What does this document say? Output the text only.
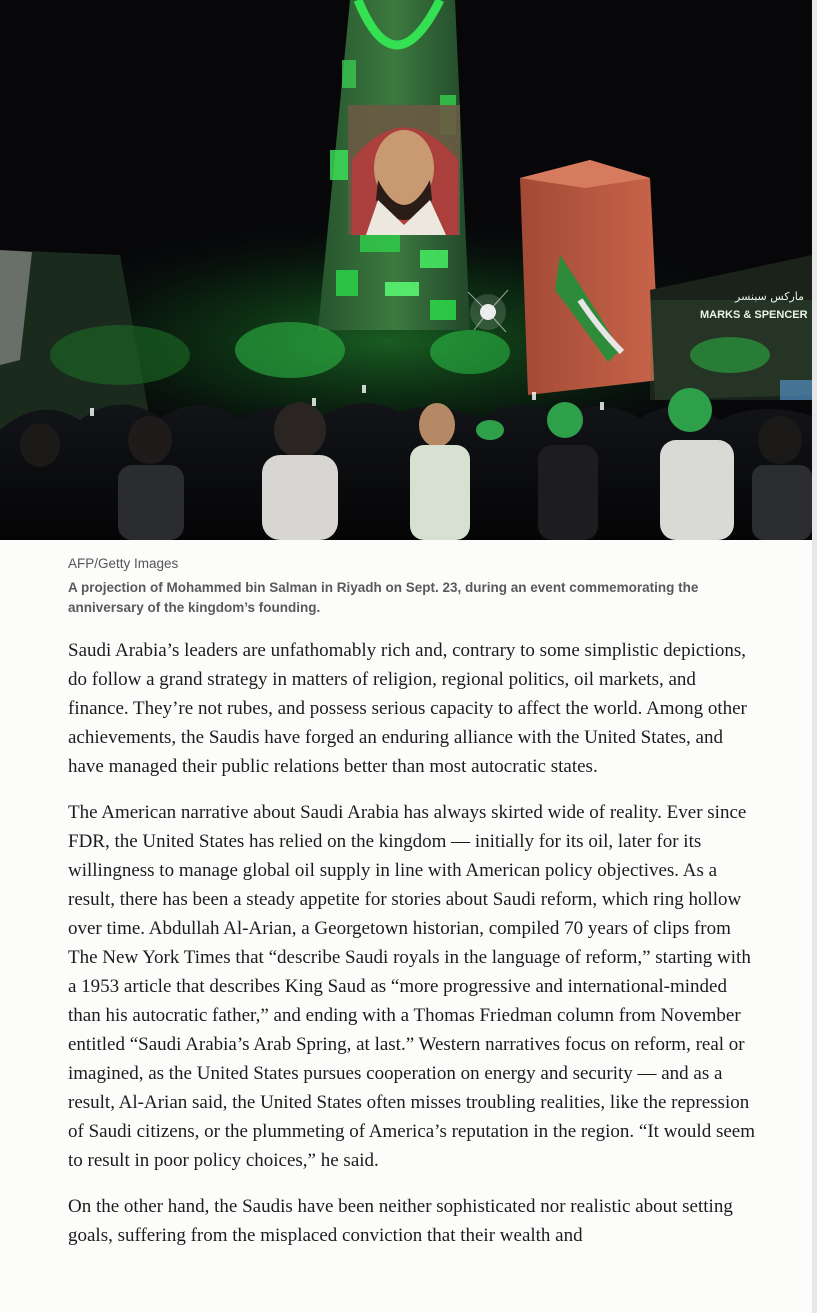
MARKS & SPENCER
ماركس سبنسر

AFP/Getty Images

A projection of Mohammed bin Salman in Riyadh on Sept. 23, during an event commemorating the anniversary of the kingdom’s founding.

Saudi Arabia’s leaders are unfathomably rich and, contrary to some simplistic depictions, do follow a grand strategy in matters of religion, regional politics, oil markets, and finance. They’re not rubes, and possess serious capacity to affect the world. Among other achievements, the Saudis have forged an enduring alliance with the United States, and have managed their public relations better than most autocratic states.

The American narrative about Saudi Arabia has always skirted wide of reality. Ever since FDR, the United States has relied on the kingdom — initially for its oil, later for its willingness to manage global oil supply in line with American policy objectives. As a result, there has been a steady appetite for stories about Saudi reform, which ring hollow over time. Abdullah Al-Arian, a Georgetown historian, compiled 70 years of clips from The New York Times that “describe Saudi royals in the language of reform,” starting with a 1953 article that describes King Saud as “more progressive and international-minded than his autocratic father,” and ending with a Thomas Friedman column from November entitled “Saudi Arabia’s Arab Spring, at last.” Western narratives focus on reform, real or imagined, as the United States pursues cooperation on energy and security — and as a result, Al-Arian said, the United States often misses troubling realities, like the repression of Saudi citizens, or the plummeting of America’s reputation in the region. “It would seem to result in poor policy choices,” he said.

On the other hand, the Saudis have been neither sophisticated nor realistic about setting goals, suffering from the misplaced conviction that their wealth and
